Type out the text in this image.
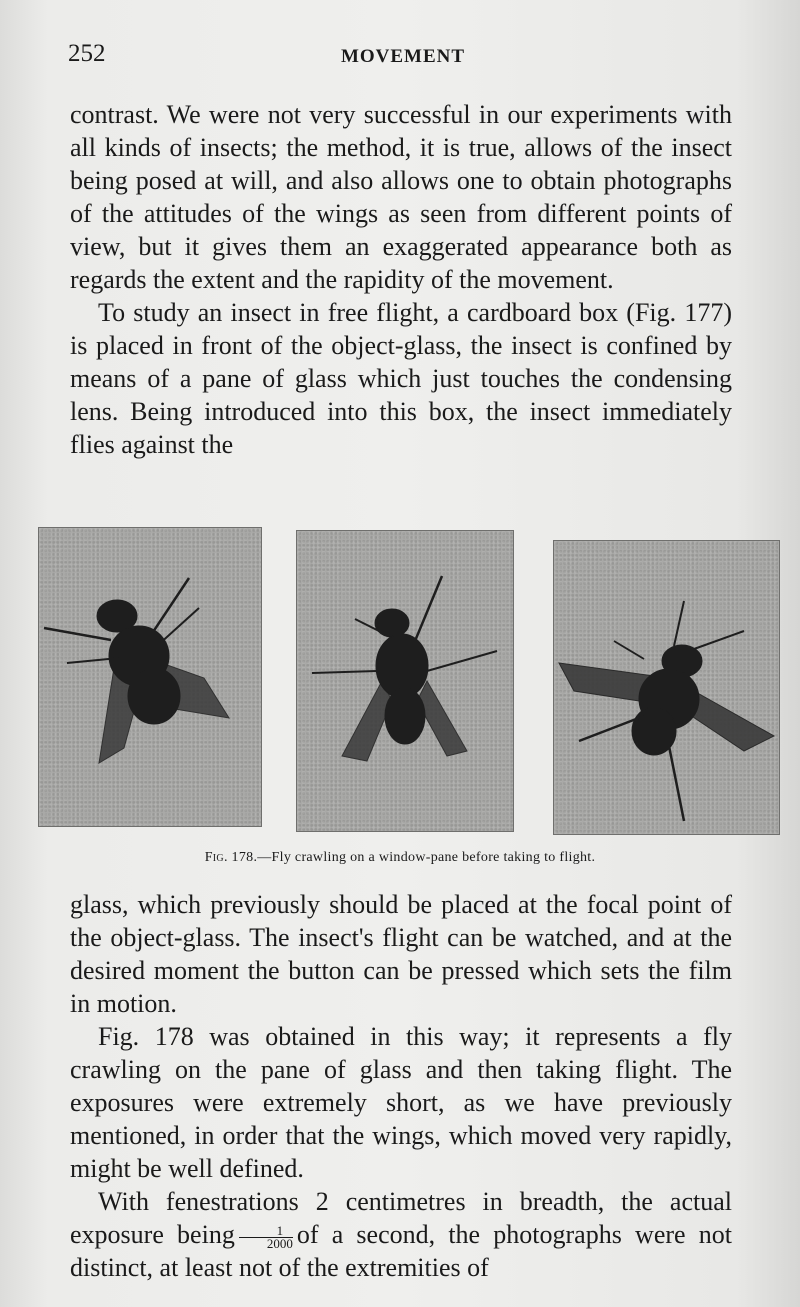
252	MOVEMENT

contrast. We were not very successful in our experiments with all kinds of insects; the method, it is true, allows of the insect being posed at will, and also allows one to obtain photographs of the attitudes of the wings as seen from different points of view, but it gives them an exaggerated appearance both as regards the extent and the rapidity of the movement.

To study an insect in free flight, a cardboard box (Fig. 177) is placed in front of the object-glass, the insect is confined by means of a pane of glass which just touches the condensing lens. Being introduced into this box, the insect immediately flies against the

Fig. 178.—Fly crawling on a window-pane before taking to flight.

glass, which previously should be placed at the focal point of the object-glass. The insect's flight can be watched, and at the desired moment the button can be pressed which sets the film in motion.

Fig. 178 was obtained in this way; it represents a fly crawling on the pane of glass and then taking flight. The exposures were extremely short, as we have previously mentioned, in order that the wings, which moved very rapidly, might be well defined.

With fenestrations 2 centimetres in breadth, the actual exposure being $\frac{1}{2000}$ of a second, the photographs were not distinct, at least not of the extremities of
